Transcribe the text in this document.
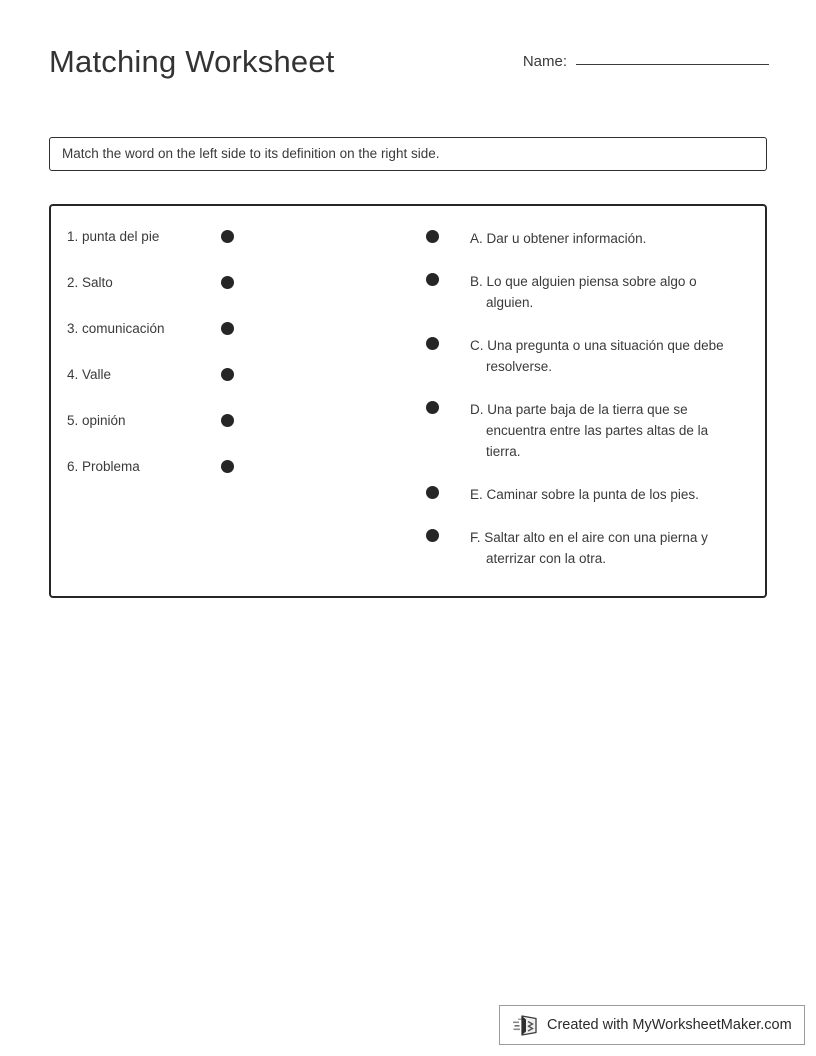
Matching Worksheet	Name:
Match the word on the left side to its definition on the right side.
1. punta del pie
2. Salto
3. comunicación
4. Valle
5. opinión
6. Problema
A. Dar u obtener información.
B. Lo que alguien piensa sobre algo o alguien.
C. Una pregunta o una situación que debe resolverse.
D. Una parte baja de la tierra que se encuentra entre las partes altas de la tierra.
E. Caminar sobre la punta de los pies.
F. Saltar alto en el aire con una pierna y aterrizar con la otra.
Created with MyWorksheetMaker.com
